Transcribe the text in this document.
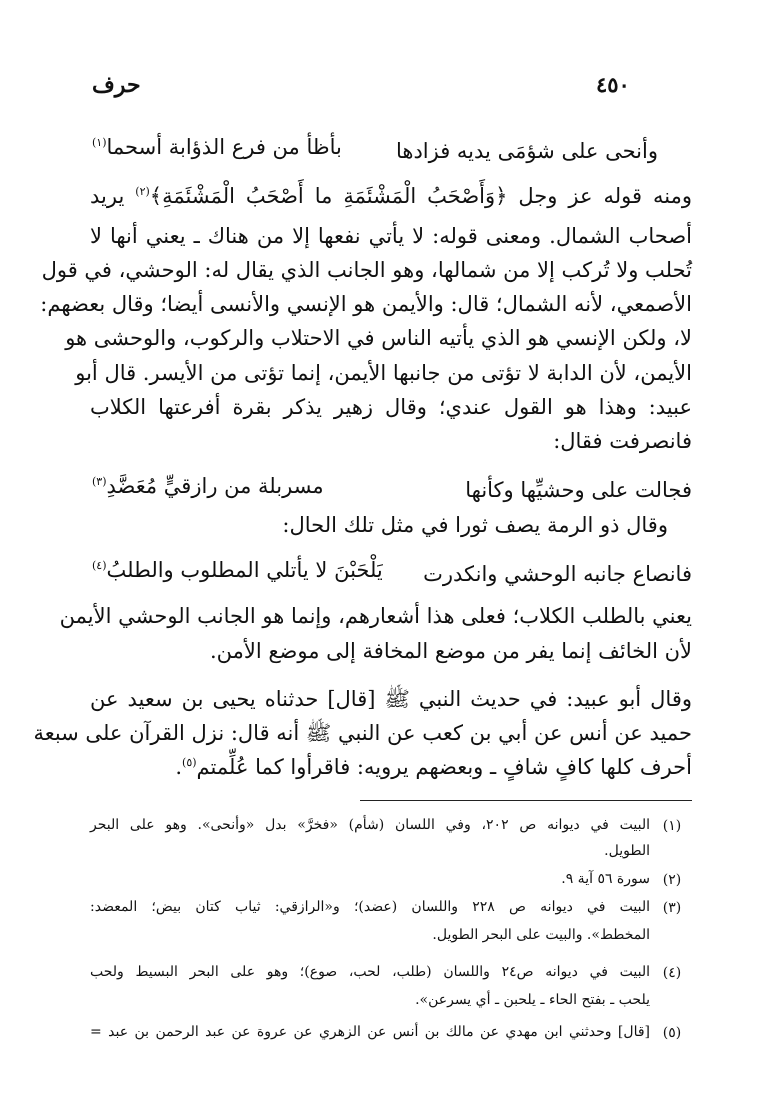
٤٥٠
حرف
وأنحى على شؤمَى يديه فزادها
بأظأ من فرع الذؤابة أسحما$^{(١)}$
ومنه قوله عز وجل ﴿وَأَصْحَبُ الْمَشْئَمَةِ ما أَصْحَبُ الْمَشْئَمَةِ﴾$^{(٢)}$ يريد
أصحاب الشمال. ومعنى قوله: لا يأتي نفعها إلا من هناك ـ يعني أنها لا
تُحلب ولا تُركب إلا من شمالها، وهو الجانب الذي يقال له: الوحشي، في قول
الأصمعي، لأنه الشمال؛ قال: والأيمن هو الإنسي والأنسى أيضا؛ وقال بعضهم:
لا، ولكن الإنسي هو الذي يأتيه الناس في الاحتلاب والركوب، والوحشى هو
الأيمن، لأن الدابة لا تؤتى من جانبها الأيمن، إنما تؤتى من الأيسر. قال أبو
عبيد: وهذا هو القول عندي؛ وقال زهير يذكر بقرة أفرعتها الكلاب
فانصرفت فقال:
فجالت على وحشيِّها وكأنها
مسربلة من رازقيٍّ مُعَضَّدِ$^{(٣)}$
وقال ذو الرمة يصف ثورا في مثل تلك الحال:
فانصاع جانبه الوحشي وانكدرت
يَلْحَبْنَ لا يأتلي المطلوب والطلبُ$^{(٤)}$
يعني بالطلب الكلاب؛ فعلى هذا أشعارهم، وإنما هو الجانب الوحشي الأيمن
لأن الخائف إنما يفر من موضع المخافة إلى موضع الأمن.
وقال أبو عبيد: في حديث النبي ﷺ [قال] حدثناه يحيى بن سعيد عن
حميد عن أنس عن أبي بن كعب عن النبي ﷺ أنه قال: نزل القرآن على سبعة
أحرف كلها كافٍ شافٍ ـ وبعضهم يرويه: فاقرأوا كما عُلِّمتم$^{(٥)}$.
(١)
البيت في ديوانه ص ٢٠٢، وفي اللسان (شأم) «فخرَّ» بدل «وأنحى». وهو على البحر
الطويل.
(٢)
سورة ٥٦ آية ٩.
(٣)
البيت في ديوانه ص ٢٢٨ واللسان (عضد)؛ و«الرازقي: ثياب كتان بيض؛ المعضد:
المخطط». والبيت على البحر الطويل.
(٤)
البيت في ديوانه ص٢٤ واللسان (طلب، لحب، صوع)؛ وهو على البحر البسيط ولحب
يلحب ـ بفتح الحاء ـ يلحبن ـ أي يسرعن».
(٥)
[قال] وحدثني ابن مهدي عن مالك بن أنس عن الزهري عن عروة عن عبد الرحمن بن عبد =
